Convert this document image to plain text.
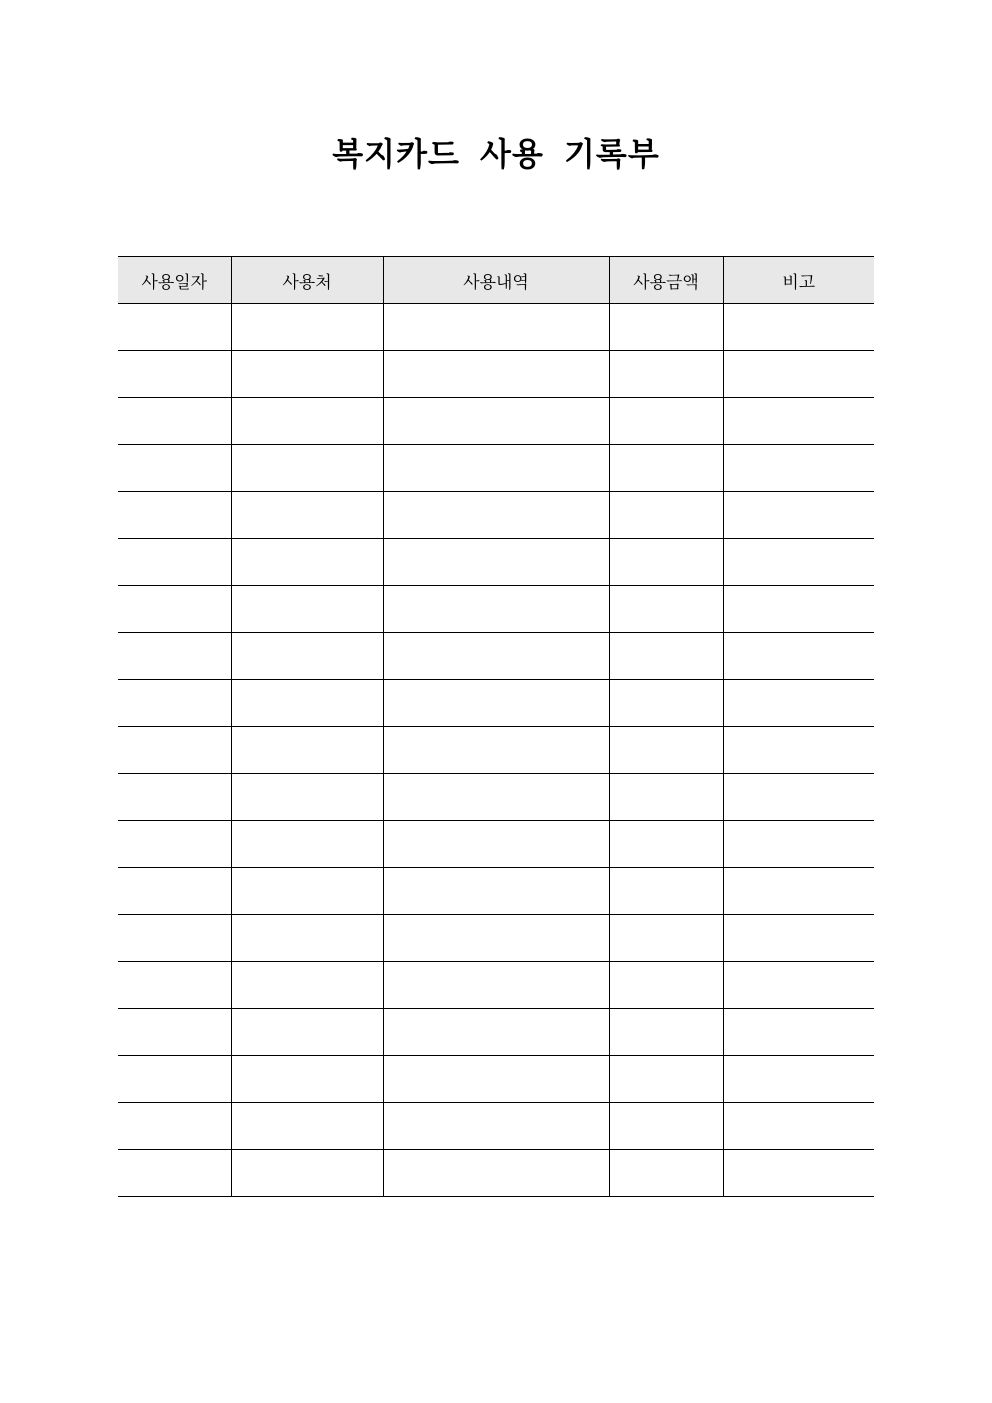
복지카드 사용 기록부
사용일자	사용처	사용내역	사용금액	비고
